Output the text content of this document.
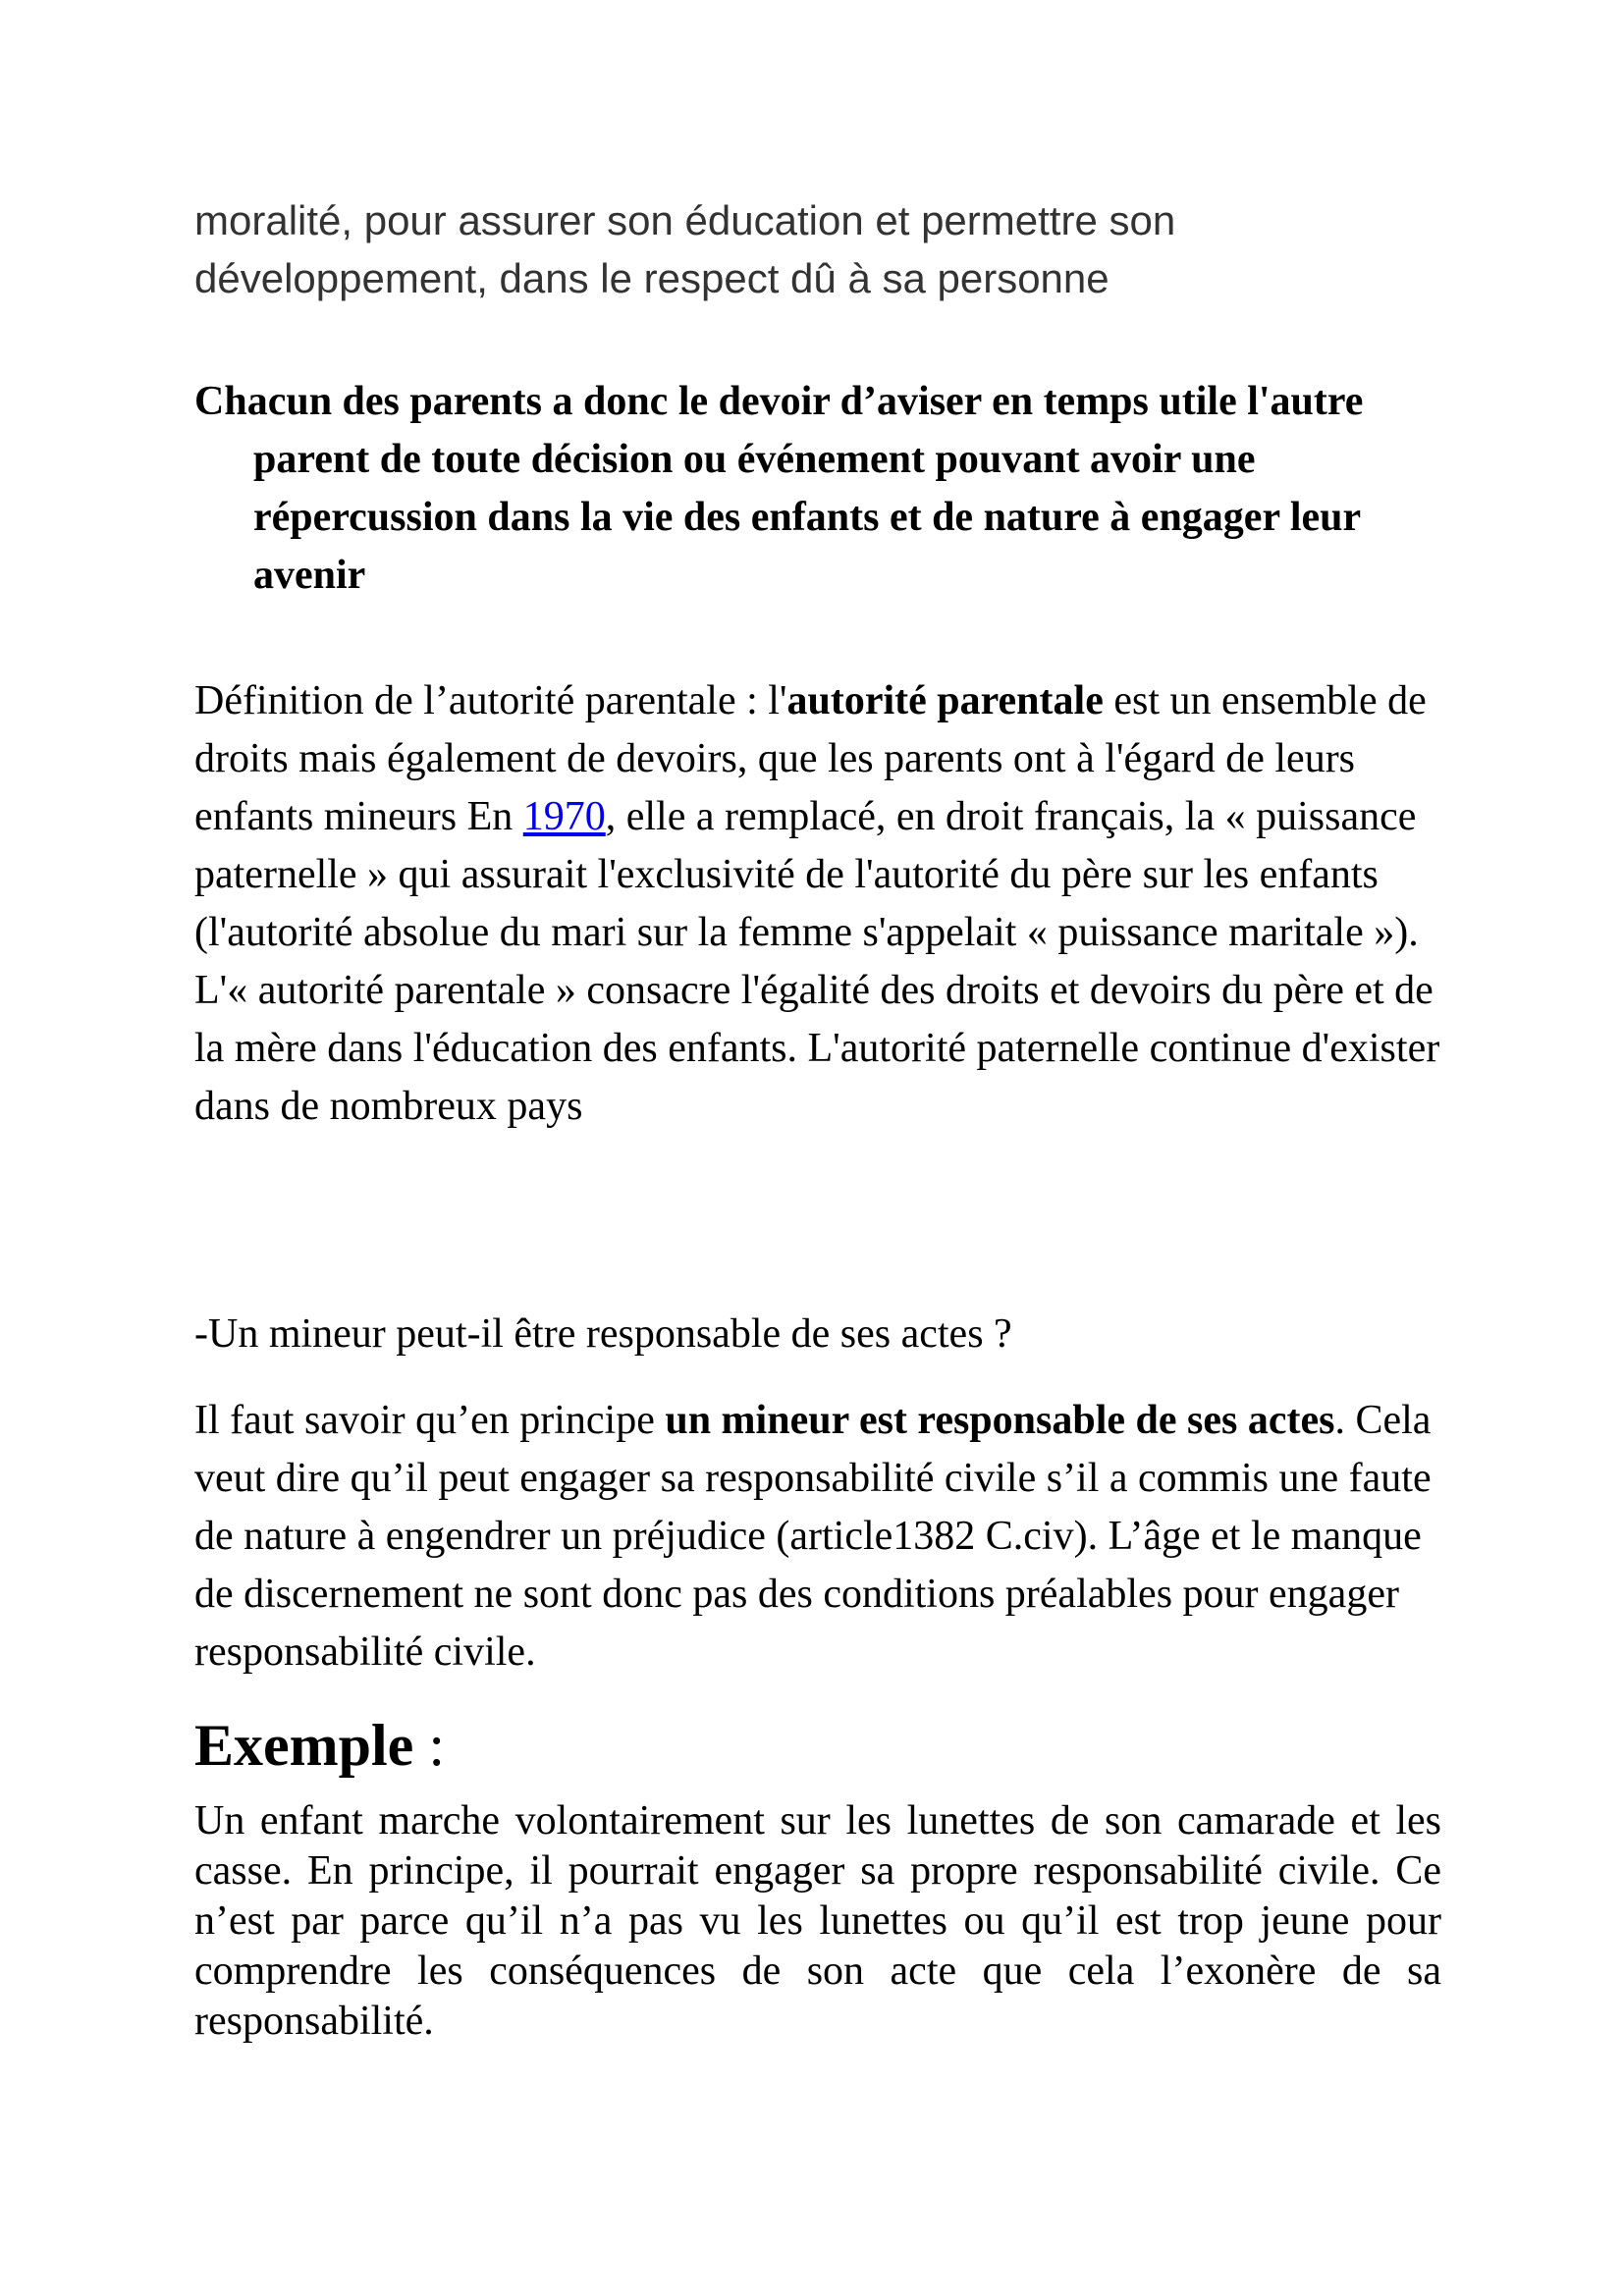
moralité, pour assurer son éducation et permettre son développement, dans le respect dû à sa personne

Chacun des parents a donc le devoir d’aviser en temps utile l'autre parent de toute décision ou événement pouvant avoir une répercussion dans la vie des enfants et de nature à engager leur avenir

Définition de l’autorité parentale : l'autorité parentale est un ensemble de droits mais également de devoirs, que les parents ont à l'égard de leurs enfants mineurs En 1970, elle a remplacé, en droit français, la « puissance paternelle » qui assurait l'exclusivité de l'autorité du père sur les enfants (l'autorité absolue du mari sur la femme s'appelait « puissance maritale »). L'« autorité parentale » consacre l'égalité des droits et devoirs du père et de la mère dans l'éducation des enfants. L'autorité paternelle continue d'exister dans de nombreux pays

-Un mineur peut-il être responsable de ses actes ?

Il faut savoir qu’en principe un mineur est responsable de ses actes. Cela veut dire qu’il peut engager sa responsabilité civile s’il a commis une faute de nature à engendrer un préjudice (article1382 C.civ). L’âge et le manque de discernement ne sont donc pas des conditions préalables pour engager responsabilité civile.

Exemple :

Un enfant marche volontairement sur les lunettes de son camarade et les casse. En principe, il pourrait engager sa propre responsabilité civile. Ce n’est par parce qu’il n’a pas vu les lunettes ou qu’il est trop jeune pour comprendre les conséquences de son acte que cela l’exonère de sa responsabilité.
